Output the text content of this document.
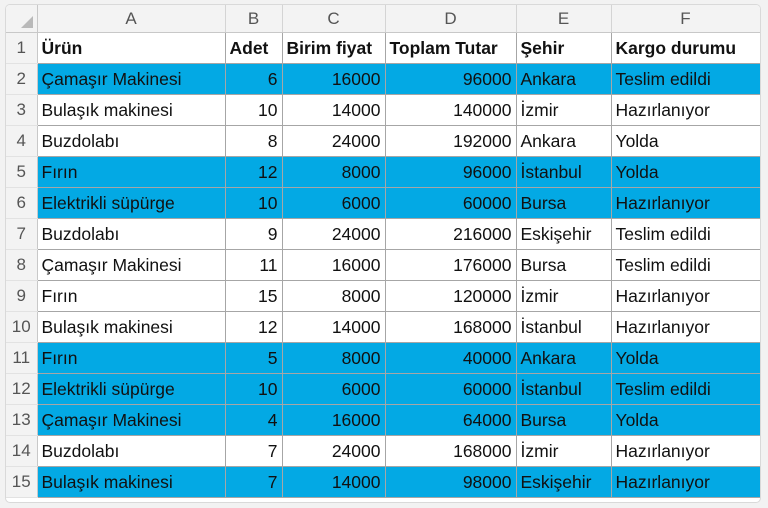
	A	B	C	D	E	F
1	Ürün	Adet	Birim fiyat	Toplam Tutar	Şehir	Kargo durumu
2	Çamaşır Makinesi	6	16000	96000	Ankara	Teslim edildi
3	Bulaşık makinesi	10	14000	140000	İzmir	Hazırlanıyor
4	Buzdolabı	8	24000	192000	Ankara	Yolda
5	Fırın	12	8000	96000	İstanbul	Yolda
6	Elektrikli süpürge	10	6000	60000	Bursa	Hazırlanıyor
7	Buzdolabı	9	24000	216000	Eskişehir	Teslim edildi
8	Çamaşır Makinesi	11	16000	176000	Bursa	Teslim edildi
9	Fırın	15	8000	120000	İzmir	Hazırlanıyor
10	Bulaşık makinesi	12	14000	168000	İstanbul	Hazırlanıyor
11	Fırın	5	8000	40000	Ankara	Yolda
12	Elektrikli süpürge	10	6000	60000	İstanbul	Teslim edildi
13	Çamaşır Makinesi	4	16000	64000	Bursa	Yolda
14	Buzdolabı	7	24000	168000	İzmir	Hazırlanıyor
15	Bulaşık makinesi	7	14000	98000	Eskişehir	Hazırlanıyor
